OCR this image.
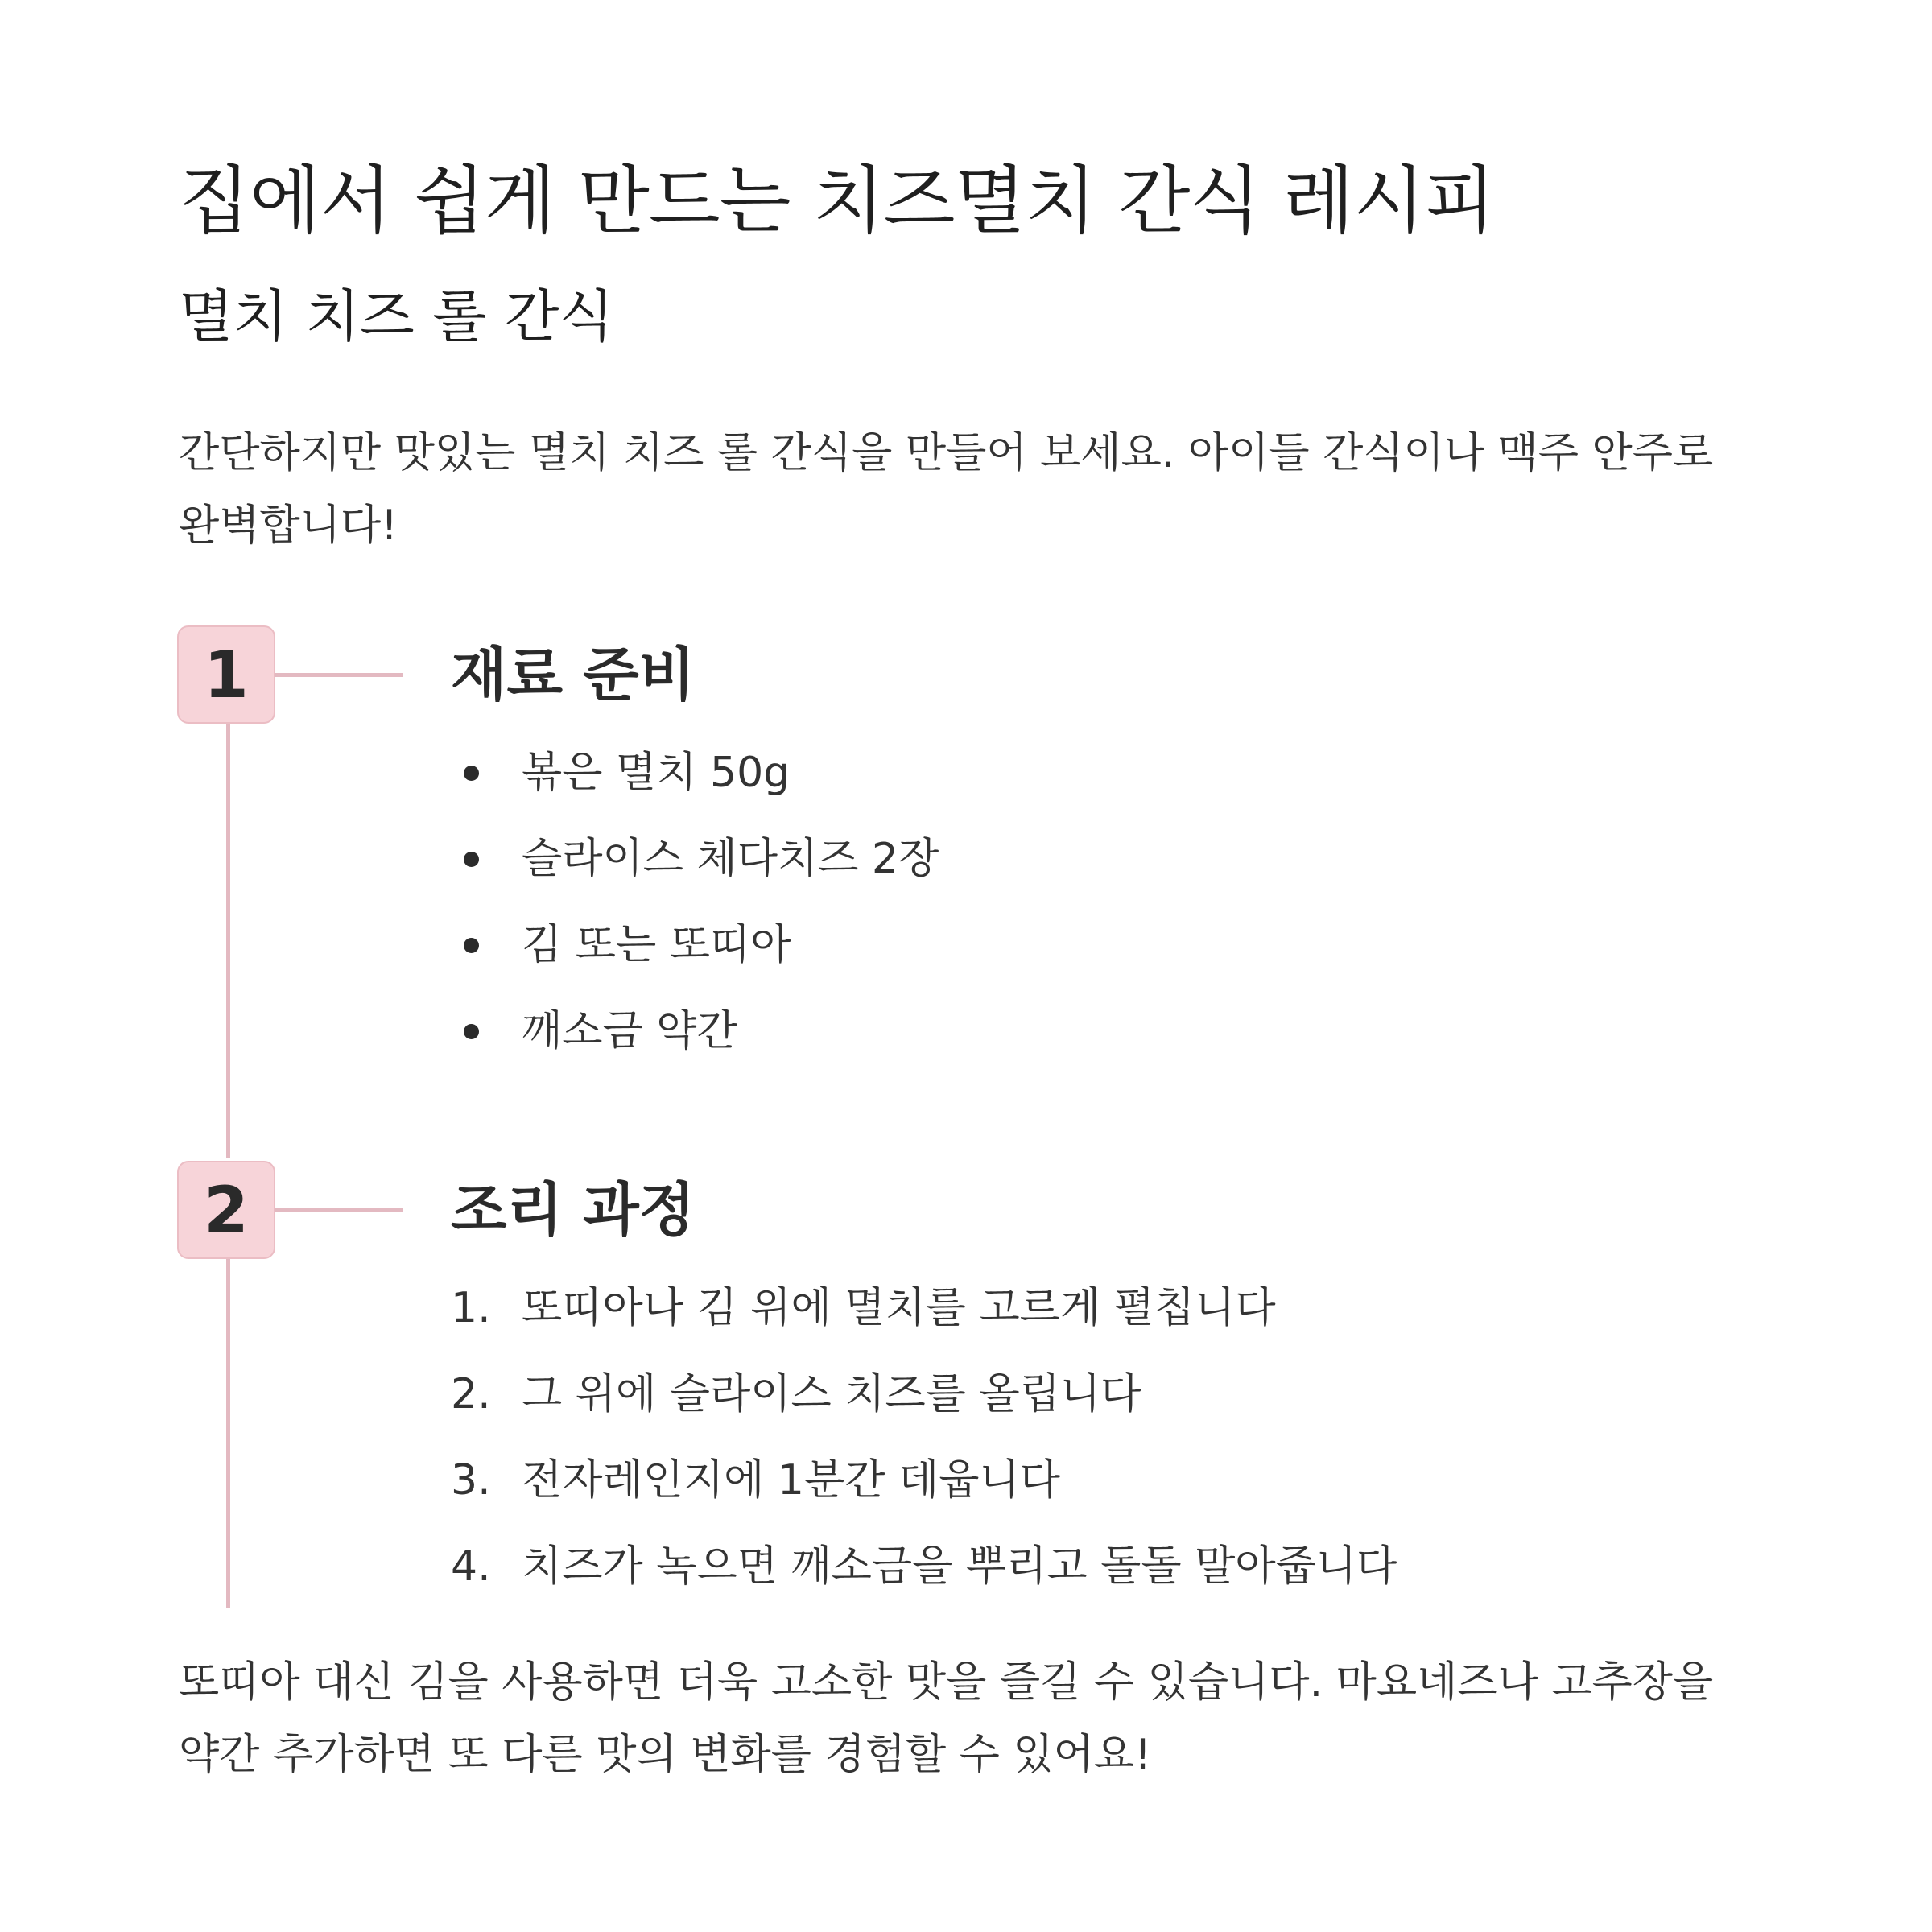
집에서 쉽게 만드는 치즈멸치 간식 레시피
멸치 치즈 롤 간식

간단하지만 맛있는 멸치 치즈 롤 간식을 만들어 보세요. 아이들 간식이나 맥주 안주로 완벽합니다!

1	재료 준비
볶은 멸치 50g
슬라이스 체다치즈 2장
김 또는 또띠아
깨소금 약간
2	조리 과정
1. 또띠아나 김 위에 멸치를 고르게 펼칩니다
2. 그 위에 슬라이스 치즈를 올립니다
3. 전자레인지에 1분간 데웁니다
4. 치즈가 녹으면 깨소금을 뿌리고 돌돌 말아줍니다

또띠아 대신 김을 사용하면 더욱 고소한 맛을 즐길 수 있습니다. 마요네즈나 고추장을 약간 추가하면 또 다른 맛의 변화를 경험할 수 있어요!
